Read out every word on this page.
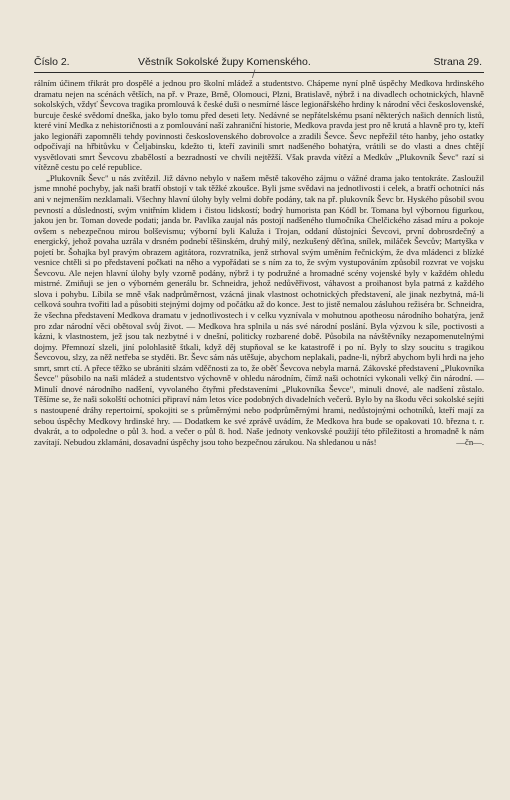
Číslo 2.	Věstník Sokolské župy Komenského.	Strana 29.
/

rálním účinem třikrát pro dospělé a jednou pro školní mládež a studentstvo. Chápeme nyní plně úspěchy Medkova hrdinského dramatu nejen na scénách větších, na př. v Praze, Brně, Olomouci, Plzni, Bratislavě, nýbrž i na divadlech ochotnických, hlavně sokolských, vždyť Ševcova tragika promlouvá k české duši o nesmírné lásce legionářského hrdiny k národní věci československé, burcuje české svědomí dneška, jako bylo tomu před deseti lety. Nedávné se nepřátelskému psaní některých našich denních listů, které viní Medka z nehistoričnosti a z pomlouvání naší zahraniční historie, Medkova pravda jest pro ně krutá a hlavně pro ty, kteří jako legionáři zapomněli tehdy povinnosti československého dobrovolce a zradili Ševce. Ševc nepřežil této hanby, jeho ostatky odpočívají na hřbitůvku v Čeljabinsku, kdežto ti, kteří zavinili smrt nadšeného bohatýra, vrátili se do vlasti a dnes chtějí vysvětlovati smrt Ševcovu zbabělostí a bezradností ve chvíli nejtěžší. Však pravda vítězí a Medkův „Plukovník Ševc" razí si vítězně cestu po celé republice.

„Plukovník Ševc" u nás zvítězil. Již dávno nebylo v našem městě takového zájmu o vážné drama jako tentokráte. Zasloužil jsme mnohé pochyby, jak naši bratří obstojí v tak těžké zkoušce. Byli jsme svědavi na jednotlivosti i celek, a bratří ochotníci nás ani v nejmenším nezklamali. Všechny hlavní úlohy byly velmi dobře podány, tak na př. plukovník Ševc br. Hyského působil svou pevností a důsledností, svým vnitřním klidem i čistou lidskostí; bodrý humorista pan Kódl br. Tomana byl výbornou figurkou, jakou jen br. Toman dovede podati; janda br. Pavlíka zaujal nás postojí nadšeného tlumočníka Chelčického zásad míru a pokoje ovšem s nebezpečnou mirou bolševismu; výborní byli Kaluža i Trojan, oddaní důstojníci Ševcovi, první dobrosrdečný a energický, jehož povaha uzrála v drsném podnebí těšinském, druhý milý, nezkušený děťina, snílek, miláček Ševcův; Martyška v pojetí br. Šohajka byl pravým obrazem agitátora, rozvratníka, jenž strhoval svým uměním řečnickým, že dva mládenci z blízké vesnice chtěli si po představení počkati na něho a vypořádati se s ním za to, že svým vystupováním způsobil rozvrat ve vojsku Ševcovu. Ale nejen hlavní úlohy byly vzorně podány, nýbrž i ty podružné a hromadné scény vojenské byly v každém ohledu mistrné. Zmiňuji se jen o výborném generálu br. Schneidra, jehož nedůvěřivost, váhavost a proihanost byla patrná z každého slova i pohybu. Líbila se mně však nadprůměrnost, vzácná jinak vlastnost ochotnických představení, ale jinak nezbytná, má-li celková souhra tvořiti lad a působiti stejnými dojmy od počátku až do konce. Jest to jistě nemalou zásluhou režiséra br. Schneidra, že všechna představení Medkova dramatu v jednotlivostech i v celku vyznívala v mohutnou apotheosu národního bohatýra, jenž pro zdar národní věci obětoval svůj život. — Medkova hra splnila u nás své národní poslání. Byla výzvou k síle, poctivosti a kázni, k vlastnostem, jež jsou tak nezbytné i v dnešní, politicky rozbarené době. Působila na návštěvníky nezapomenutelnými dojmy. Přemnozí slzeli, jiní polohlasitě štkali, když děj stupňoval se ke katastrofě i po ní. Byly to slzy soucitu s tragikou Ševcovou, slzy, za něž netřeba se styděti. Br. Ševc sám nás utěšuje, abychom neplakali, padne-li, nýbrž abychom byli hrdi na jeho smrt, smrt ctí. A přece těžko se ubrániti slzám vděčnosti za to, že oběť Ševcova nebyla marná. Zákovské představení „Plukovníka Ševce" působilo na naši mládež a studentstvo výchovně v ohledu národním, čímž naši ochotníci vykonali velký čin národní. — Minulí dnové národního nadšení, vyvolaného čtyřmi představeními „Plukovníka Ševce", minuli dnové, ale nadšení zůstalo. Těšíme se, že naši sokolští ochotníci připraví nám letos více podobných divadelních večerů. Bylo by na škodu věci sokolské sejíti s nastoupené dráhy repertoirní, spokojiti se s průměrnými nebo podprůměrnými hrami, nedůstojnými ochotníků, kteří mají za sebou úspěchy Medkovy hrdinské hry. — Dodatkem ke své zprávě uvádím, že Medkova hra bude se opakovati 10. března t. r. dvakrát, a to odpoledne o půl 3. hod. a večer o půl 8. hod. Naše jednoty venkovské použijí této příležitosti a hromadně k nám zavítají. Nebudou zklamáni, dosavadní úspěchy jsou toho bezpečnou zárukou. Na shledanou u nás!	—čn—.
